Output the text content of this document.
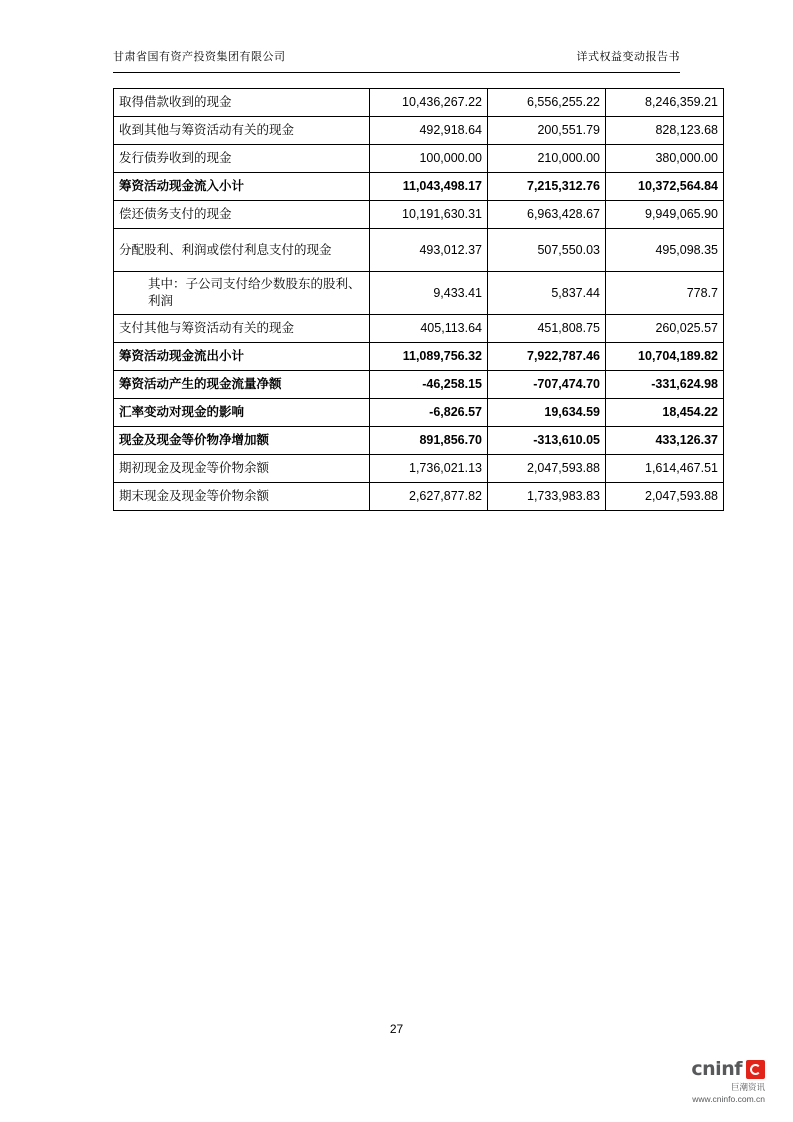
甘肃省国有资产投资集团有限公司	详式权益变动报告书
取得借款收到的现金	10,436,267.22	6,556,255.22	8,246,359.21
收到其他与筹资活动有关的现金	492,918.64	200,551.79	828,123.68
发行债券收到的现金	100,000.00	210,000.00	380,000.00
筹资活动现金流入小计	11,043,498.17	7,215,312.76	10,372,564.84
偿还债务支付的现金	10,191,630.31	6,963,428.67	9,949,065.90
分配股利、利润或偿付利息支付的现金	493,012.37	507,550.03	495,098.35
其中：子公司支付给少数股东的股利、利润	9,433.41	5,837.44	778.7
支付其他与筹资活动有关的现金	405,113.64	451,808.75	260,025.57
筹资活动现金流出小计	11,089,756.32	7,922,787.46	10,704,189.82
筹资活动产生的现金流量净额	-46,258.15	-707,474.70	-331,624.98
汇率变动对现金的影响	-6,826.57	19,634.59	18,454.22
现金及现金等价物净增加额	891,856.70	-313,610.05	433,126.37
期初现金及现金等价物余额	1,736,021.13	2,047,593.88	1,614,467.51
期末现金及现金等价物余额	2,627,877.82	1,733,983.83	2,047,593.88
27
cninf
巨潮资讯
www.cninfo.com.cn
